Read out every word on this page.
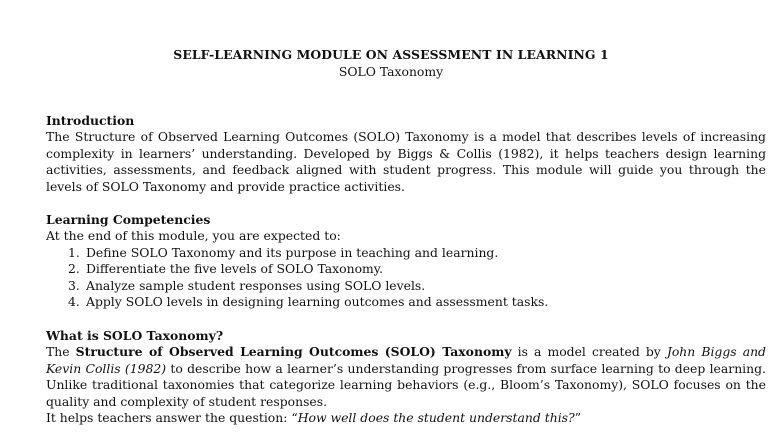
SELF-LEARNING MODULE ON ASSESSMENT IN LEARNING 1
SOLO Taxonomy

Introduction

The Structure of Observed Learning Outcomes (SOLO) Taxonomy is a model that describes levels of increasing complexity in learners’ understanding. Developed by Biggs & Collis (1982), it helps teachers design learning activities, assessments, and feedback aligned with student progress. This module will guide you through the levels of SOLO Taxonomy and provide practice activities.

Learning Competencies

At the end of this module, you are expected to:

1. Define SOLO Taxonomy and its purpose in teaching and learning.
2. Differentiate the five levels of SOLO Taxonomy.
3. Analyze sample student responses using SOLO levels.
4. Apply SOLO levels in designing learning outcomes and assessment tasks.

What is SOLO Taxonomy?

The Structure of Observed Learning Outcomes (SOLO) Taxonomy is a model created by John Biggs and Kevin Collis (1982) to describe how a learner’s understanding progresses from surface learning to deep learning. Unlike traditional taxonomies that categorize learning behaviors (e.g., Bloom’s Taxonomy), SOLO focuses on the quality and complexity of student responses.

It helps teachers answer the question: “How well does the student understand this?”
